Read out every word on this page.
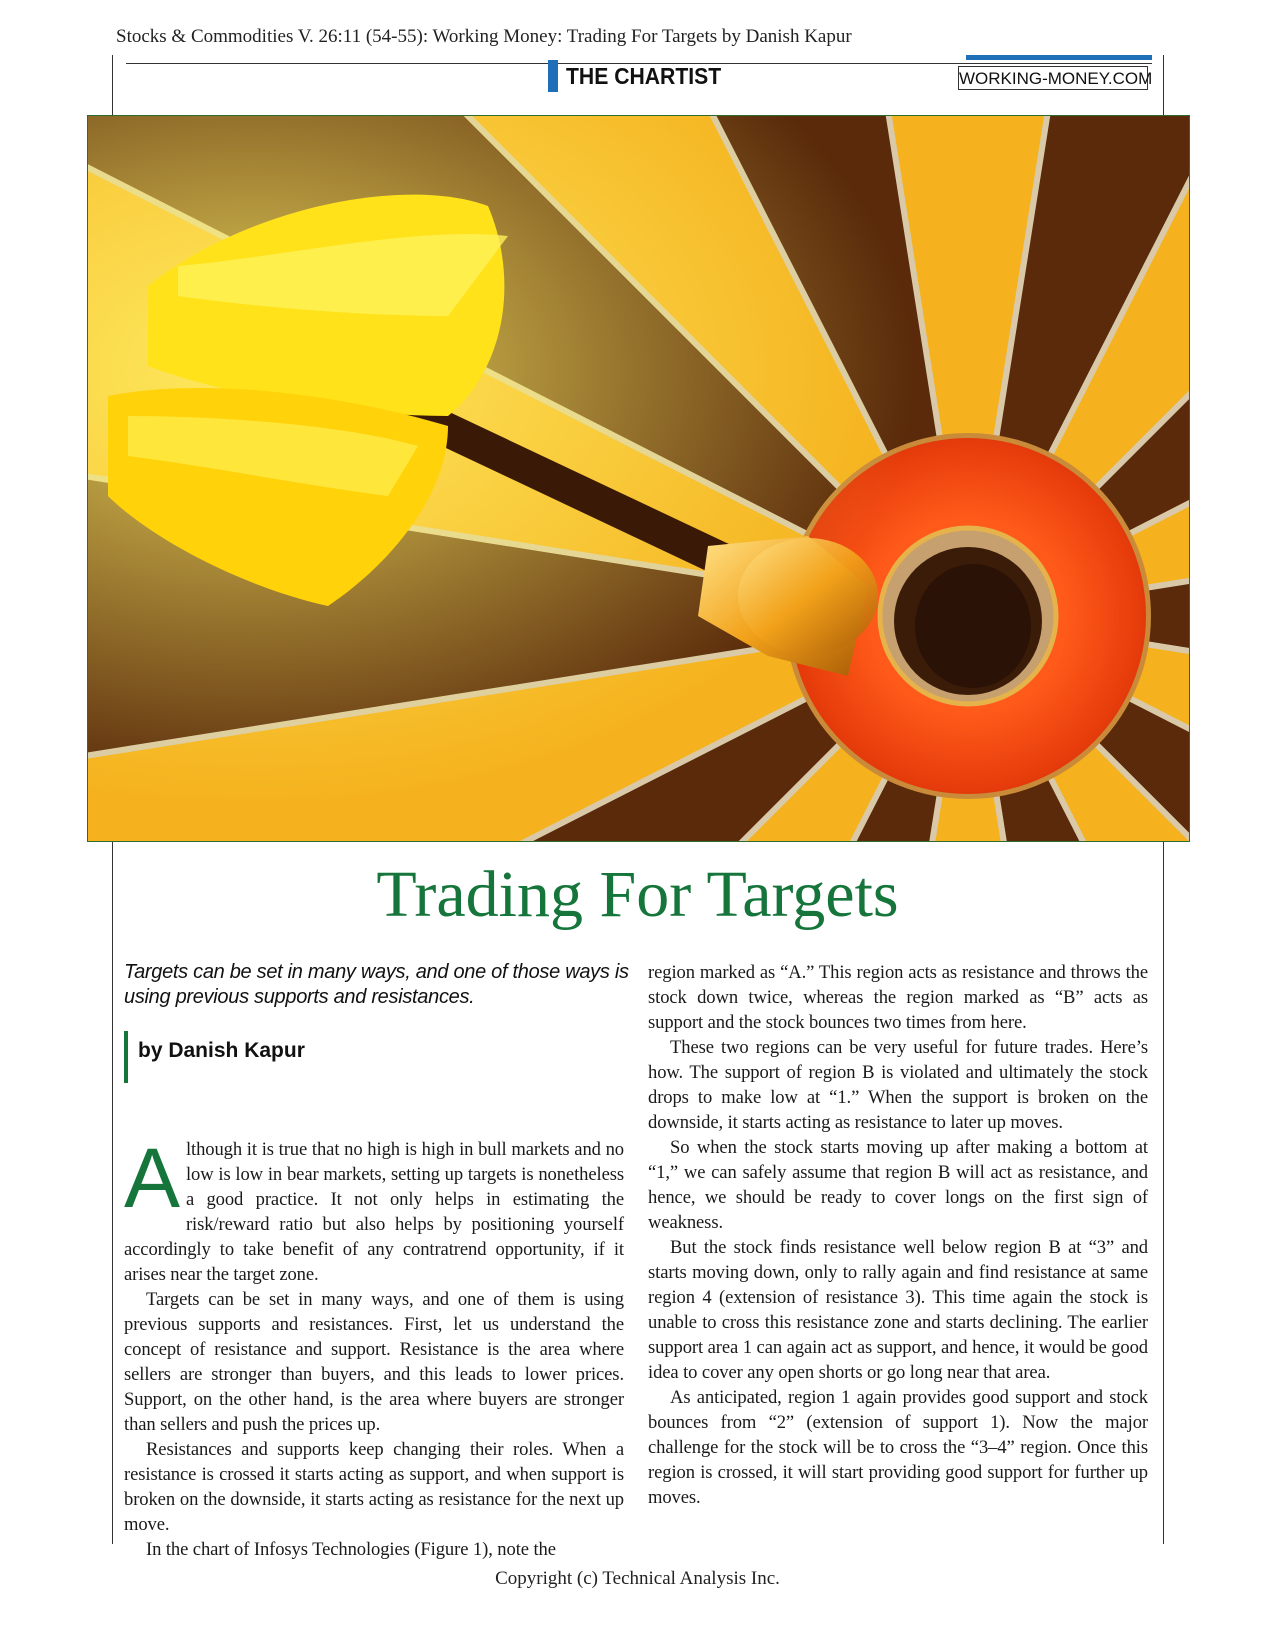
Stocks & Commodities V. 26:11 (54-55): Working Money: Trading For Targets by Danish Kapur
THE CHARTIST	WORKING-MONEY.COM
Trading For Targets
Targets can be set in many ways, and one of those ways is using previous supports and resistances.
by Danish Kapur

Although it is true that no high is high in bull markets and no low is low in bear markets, setting up targets is nonetheless a good practice. It not only helps in estimating the risk/reward ratio but also helps by positioning yourself accordingly to take benefit of any contratrend opportunity, if it arises near the target zone.

Targets can be set in many ways, and one of them is using previous supports and resistances. First, let us understand the concept of resistance and support. Resistance is the area where sellers are stronger than buyers, and this leads to lower prices. Support, on the other hand, is the area where buyers are stronger than sellers and push the prices up.

Resistances and supports keep changing their roles. When a resistance is crossed it starts acting as support, and when support is broken on the downside, it starts acting as resistance for the next up move.

In the chart of Infosys Technologies (Figure 1), note the

region marked as “A.” This region acts as resistance and throws the stock down twice, whereas the region marked as “B” acts as support and the stock bounces two times from here.

These two regions can be very useful for future trades. Here’s how. The support of region B is violated and ultimately the stock drops to make low at “1.” When the support is broken on the downside, it starts acting as resistance to later up moves.

So when the stock starts moving up after making a bottom at “1,” we can safely assume that region B will act as resistance, and hence, we should be ready to cover longs on the first sign of weakness.

But the stock finds resistance well below region B at “3” and starts moving down, only to rally again and find resistance at same region 4 (extension of resistance 3). This time again the stock is unable to cross this resistance zone and starts declining. The earlier support area 1 can again act as support, and hence, it would be good idea to cover any open shorts or go long near that area.

As anticipated, region 1 again provides good support and stock bounces from “2” (extension of support 1). Now the major challenge for the stock will be to cross the “3–4” region. Once this region is crossed, it will start providing good support for further up moves.

Copyright (c) Technical Analysis Inc.
